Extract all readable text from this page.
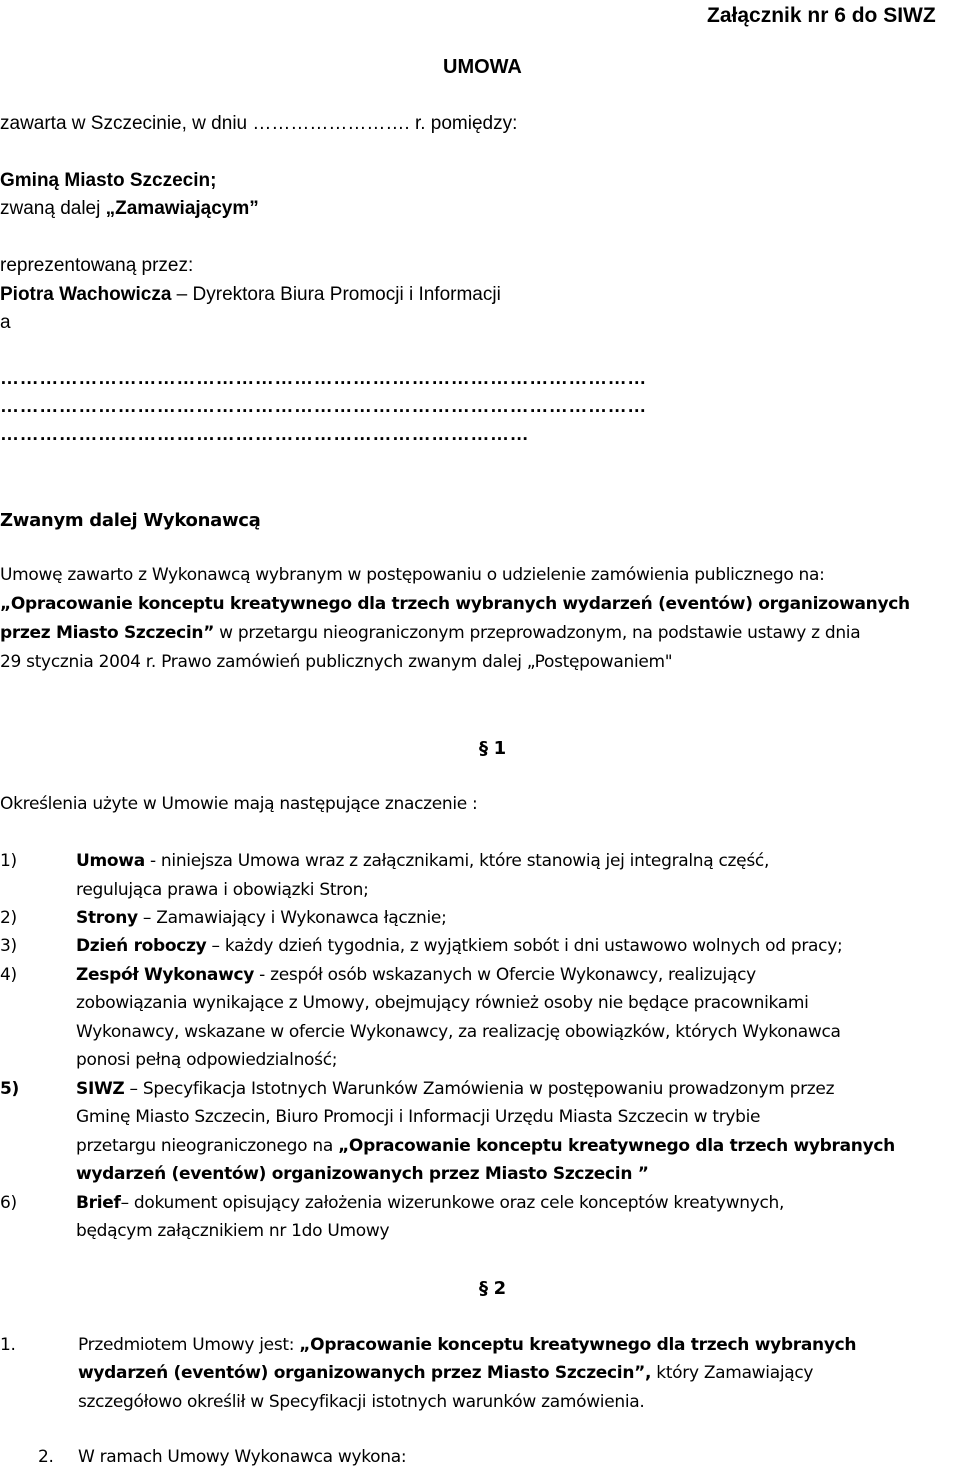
Załącznik nr 6 do SIWZ
UMOWA
zawarta w Szczecinie, w dniu ……………………. r. pomiędzy:
Gminą Miasto Szczecin;
zwaną dalej „Zamawiającym”
reprezentowaną przez:
Piotra Wachowicza – Dyrektora Biura Promocji i Informacji
a
………………………………………………………………………………………
………………………………………………………………………………………
………………………………………………………………………
Zwanym dalej Wykonawcą
Umowę zawarto z Wykonawcą wybranym w postępowaniu o udzielenie zamówienia publicznego na:
„Opracowanie konceptu kreatywnego dla trzech wybranych wydarzeń (eventów) organizowanych
przez Miasto Szczecin” w przetargu nieograniczonym przeprowadzonym, na podstawie ustawy z dnia
29 stycznia 2004 r. Prawo zamówień publicznych zwanym dalej „Postępowaniem"
§ 1
Określenia użyte w Umowie mają następujące znaczenie :
1)	Umowa - niniejsza Umowa wraz z załącznikami, które stanowią jej integralną część,
regulująca prawa i obowiązki Stron;
2)	Strony – Zamawiający i Wykonawca łącznie;
3)	Dzień roboczy – każdy dzień tygodnia, z wyjątkiem sobót i dni ustawowo wolnych od pracy;
4)	Zespół Wykonawcy - zespół osób wskazanych w Ofercie Wykonawcy, realizujący
zobowiązania wynikające z Umowy, obejmujący również osoby nie będące pracownikami
Wykonawcy, wskazane w ofercie Wykonawcy, za realizację obowiązków, których Wykonawca
ponosi pełną odpowiedzialność;
5)	SIWZ – Specyfikacja Istotnych Warunków Zamówienia w postępowaniu prowadzonym przez
Gminę Miasto Szczecin, Biuro Promocji i Informacji Urzędu Miasta Szczecin w trybie
przetargu nieograniczonego na „Opracowanie konceptu kreatywnego dla trzech wybranych
wydarzeń (eventów) organizowanych przez Miasto Szczecin ”
6)	Brief– dokument opisujący założenia wizerunkowe oraz cele konceptów kreatywnych,
będącym załącznikiem nr 1do Umowy
§ 2
1.	Przedmiotem Umowy jest: „Opracowanie konceptu kreatywnego dla trzech wybranych
wydarzeń (eventów) organizowanych przez Miasto Szczecin”, który Zamawiający
szczegółowo określił w Specyfikacji istotnych warunków zamówienia.
2. W ramach Umowy Wykonawca wykona:
